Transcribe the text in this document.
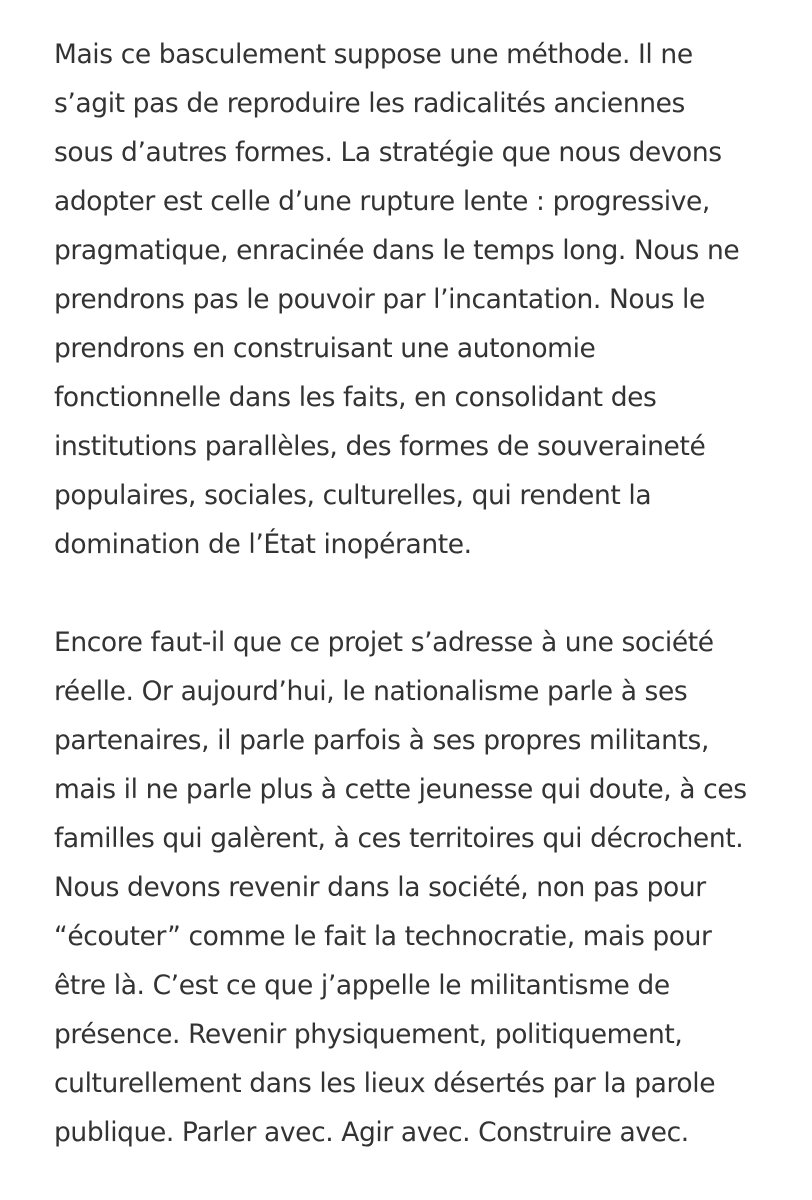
Mais ce basculement suppose une méthode. Il ne
s’agit pas de reproduire les radicalités anciennes
sous d’autres formes. La stratégie que nous devons
adopter est celle d’une rupture lente : progressive,
pragmatique, enracinée dans le temps long. Nous ne
prendrons pas le pouvoir par l’incantation. Nous le
prendrons en construisant une autonomie
fonctionnelle dans les faits, en consolidant des
institutions parallèles, des formes de souveraineté
populaires, sociales, culturelles, qui rendent la
domination de l’État inopérante.
Encore faut-il que ce projet s’adresse à une société
réelle. Or aujourd’hui, le nationalisme parle à ses
partenaires, il parle parfois à ses propres militants,
mais il ne parle plus à cette jeunesse qui doute, à ces
familles qui galèrent, à ces territoires qui décrochent.
Nous devons revenir dans la société, non pas pour
“écouter” comme le fait la technocratie, mais pour
être là. C’est ce que j’appelle le militantisme de
présence. Revenir physiquement, politiquement,
culturellement dans les lieux désertés par la parole
publique. Parler avec. Agir avec. Construire avec.
